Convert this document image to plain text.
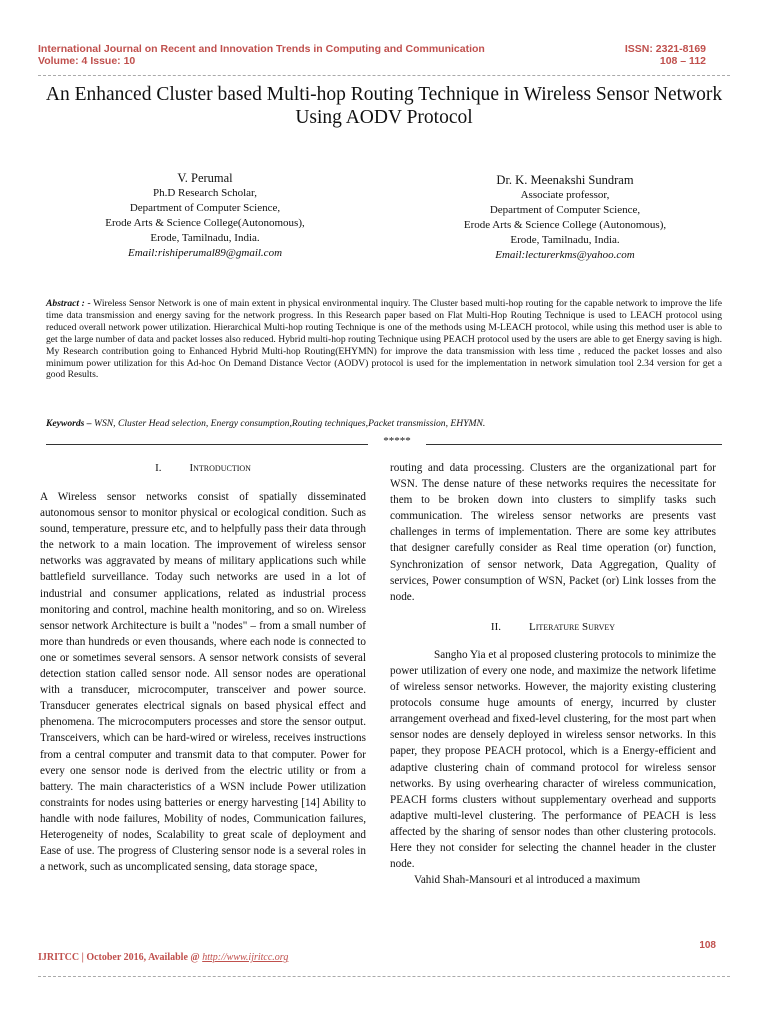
International Journal on Recent and Innovation Trends in Computing and Communication
Volume: 4 Issue: 10
ISSN: 2321-8169
108 – 112
An Enhanced Cluster based Multi-hop Routing Technique in Wireless Sensor Network Using AODV Protocol
V. Perumal
Ph.D Research Scholar,
Department of Computer Science,
Erode Arts & Science College(Autonomous),
Erode, Tamilnadu, India.
Email:rishiperumal89@gmail.com
Dr. K. Meenakshi Sundram
Associate professor,
Department of Computer Science,
Erode Arts & Science College (Autonomous),
Erode, Tamilnadu, India.
Email:lecturerkms@yahoo.com
Abstract : - Wireless Sensor Network is one of main extent in physical environmental inquiry. The Cluster based multi-hop routing for the capable network to improve the life time data transmission and energy saving for the network progress. In this Research paper based on Flat Multi-Hop Routing Technique is used to LEACH protocol using reduced overall network power utilization. Hierarchical Multi-hop routing Technique is one of the methods using M-LEACH protocol, while using this method user is able to get the large number of data and packet losses also reduced. Hybrid multi-hop routing Technique using PEACH protocol used by the users are able to get Energy saving is high. My Research contribution going to Enhanced Hybrid Multi-hop Routing(EHYMN) for improve the data transmission with less time , reduced the packet losses and also minimum power utilization for this Ad-hoc On Demand Distance Vector (AODV) protocol is used for the implementation in network simulation tool 2.34 version for get a good Results.
Keywords – WSN, Cluster Head selection, Energy consumption,Routing techniques,Packet transmission, EHYMN.
*****
I.	Introduction

A Wireless sensor networks consist of spatially disseminated autonomous sensor to monitor physical or ecological condition. Such as sound, temperature, pressure etc, and to helpfully pass their data through the network to a main location. The improvement of wireless sensor networks was aggravated by means of military applications such while battlefield surveillance. Today such networks are used in a lot of industrial and consumer applications, related as industrial process monitoring and control, machine health monitoring, and so on. Wireless sensor network Architecture is built a "nodes" – from a small number of more than hundreds or even thousands, where each node is connected to one or sometimes several sensors. A sensor network consists of several detection station called sensor node. All sensor nodes are operational with a transducer, microcomputer, transceiver and power source. Transducer generates electrical signals on based physical effect and phenomena. The microcomputers processes and store the sensor output. Transceivers, which can be hard-wired or wireless, receives instructions from a central computer and transmit data to that computer. Power for every one sensor node is derived from the electric utility or from a battery. The main characteristics of a WSN include Power utilization constraints for nodes using batteries or energy harvesting [14] Ability to handle with node failures, Mobility of nodes, Communication failures, Heterogeneity of nodes, Scalability to great scale of deployment and Ease of use. The progress of Clustering sensor node is a several roles in a network, such as uncomplicated sensing, data storage space,

routing and data processing. Clusters are the organizational part for WSN. The dense nature of these networks requires the necessitate for them to be broken down into clusters to simplify tasks such communication. The wireless sensor networks are presents vast challenges in terms of implementation. There are some key attributes that designer carefully consider as Real time operation (or) function, Synchronization of sensor network, Data Aggregation, Quality of services, Power consumption of WSN, Packet (or) Link losses from the node.

II.	Literature Survey

Sangho Yia et al proposed clustering protocols to minimize the power utilization of every one node, and maximize the network lifetime of wireless sensor networks. However, the majority existing clustering protocols consume huge amounts of energy, incurred by cluster arrangement overhead and fixed-level clustering, for the most part when sensor nodes are densely deployed in wireless sensor networks. In this paper, they propose PEACH protocol, which is a Energy-efficient and adaptive clustering chain of command protocol for wireless sensor networks. By using overhearing character of wireless communication, PEACH forms clusters without supplementary overhead and supports adaptive multi-level clustering. The performance of PEACH is less affected by the sharing of sensor nodes than other clustering protocols. Here they not consider for selecting the channel header in the cluster node.

Vahid Shah-Mansouri et al introduced a maximum

108
IJRITCC | October 2016, Available @ http://www.ijritcc.org
